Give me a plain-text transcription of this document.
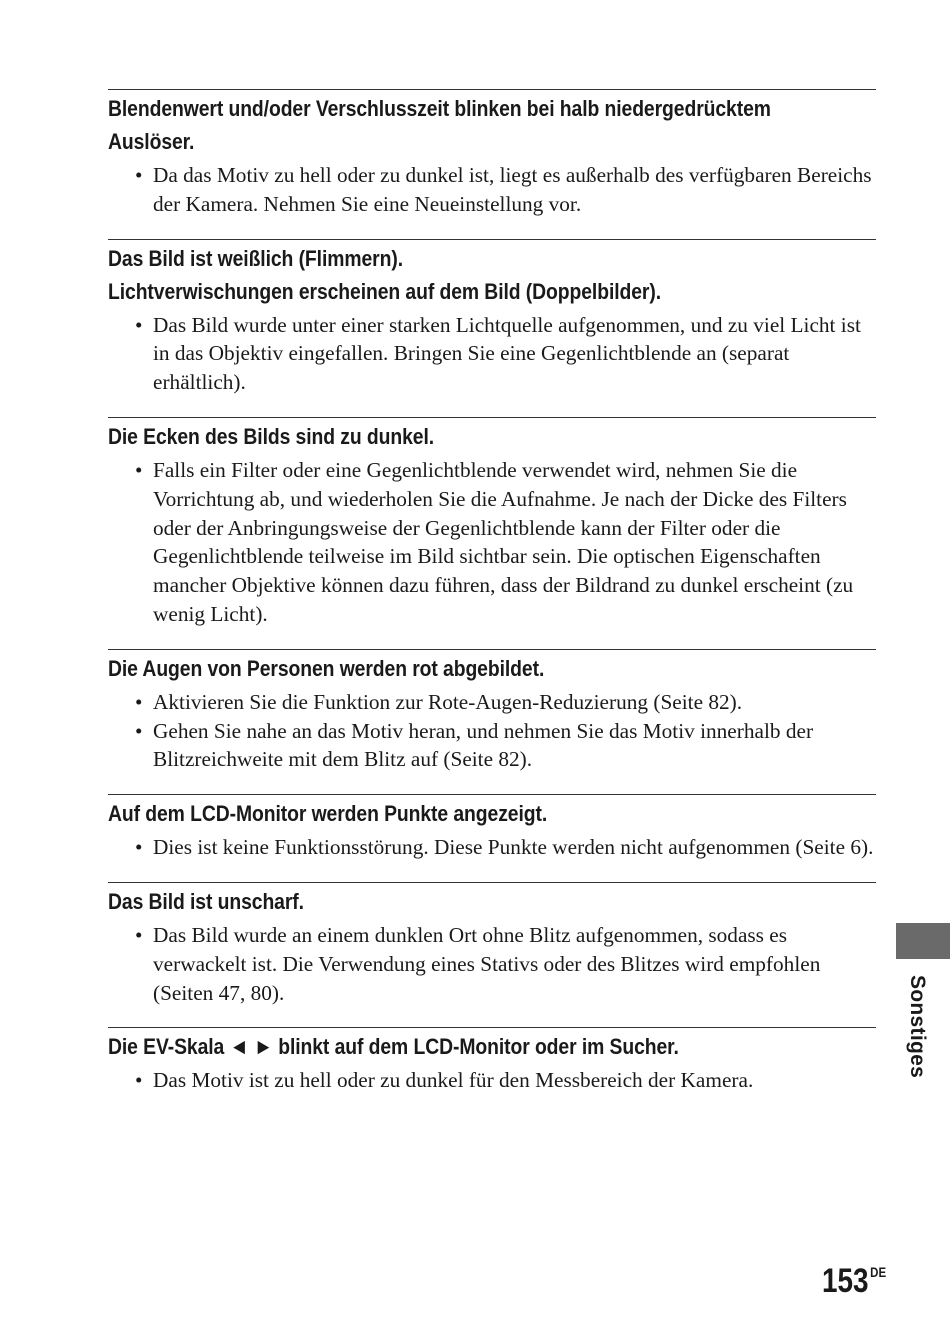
Blendenwert und/oder Verschlusszeit blinken bei halb niedergedrücktem
Auslöser.
• Da das Motiv zu hell oder zu dunkel ist, liegt es außerhalb des verfügbaren Bereichs der Kamera. Nehmen Sie eine Neueinstellung vor.
Das Bild ist weißlich (Flimmern).
Lichtverwischungen erscheinen auf dem Bild (Doppelbilder).
• Das Bild wurde unter einer starken Lichtquelle aufgenommen, und zu viel Licht ist in das Objektiv eingefallen. Bringen Sie eine Gegenlichtblende an (separat erhältlich).
Die Ecken des Bilds sind zu dunkel.
• Falls ein Filter oder eine Gegenlichtblende verwendet wird, nehmen Sie die Vorrichtung ab, und wiederholen Sie die Aufnahme. Je nach der Dicke des Filters oder der Anbringungsweise der Gegenlichtblende kann der Filter oder die Gegenlichtblende teilweise im Bild sichtbar sein. Die optischen Eigenschaften mancher Objektive können dazu führen, dass der Bildrand zu dunkel erscheint (zu wenig Licht).
Die Augen von Personen werden rot abgebildet.
• Aktivieren Sie die Funktion zur Rote-Augen-Reduzierung (Seite 82).
• Gehen Sie nahe an das Motiv heran, und nehmen Sie das Motiv innerhalb der Blitzreichweite mit dem Blitz auf (Seite 82).
Auf dem LCD-Monitor werden Punkte angezeigt.
• Dies ist keine Funktionsstörung. Diese Punkte werden nicht aufgenommen (Seite 6).
Das Bild ist unscharf.
• Das Bild wurde an einem dunklen Ort ohne Blitz aufgenommen, sodass es verwackelt ist. Die Verwendung eines Stativs oder des Blitzes wird empfohlen (Seiten 47, 80).
Die EV-Skala ◄ ► blinkt auf dem LCD-Monitor oder im Sucher.
• Das Motiv ist zu hell oder zu dunkel für den Messbereich der Kamera.
Sonstiges
153 $^{DE}$
